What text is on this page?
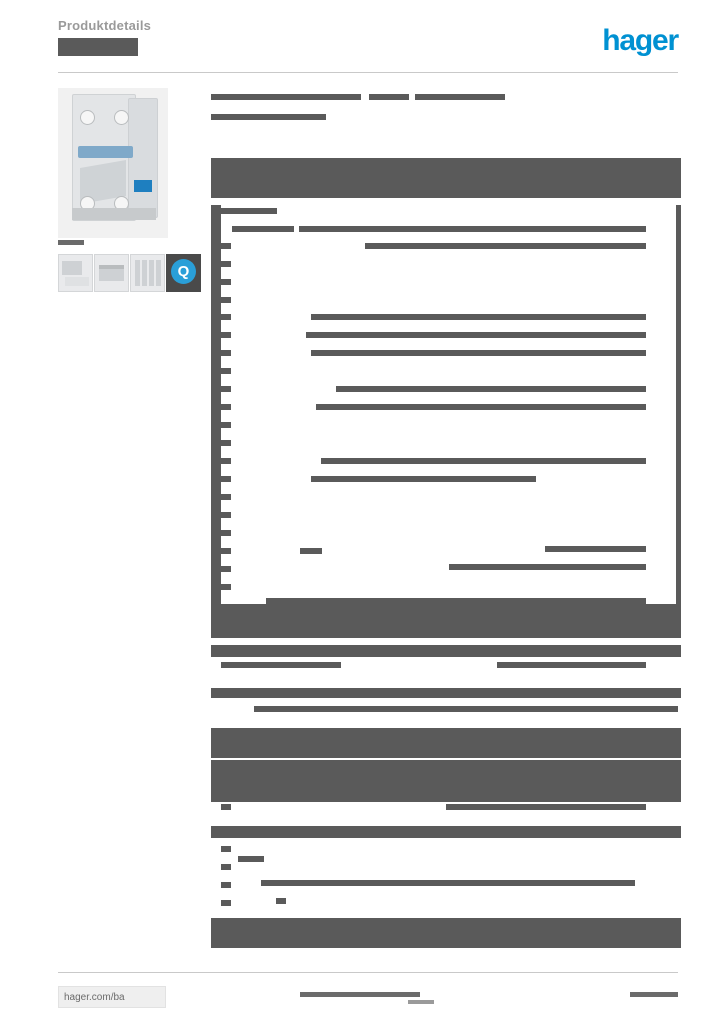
Produktdetails	hager
Q
hager.com/ba
